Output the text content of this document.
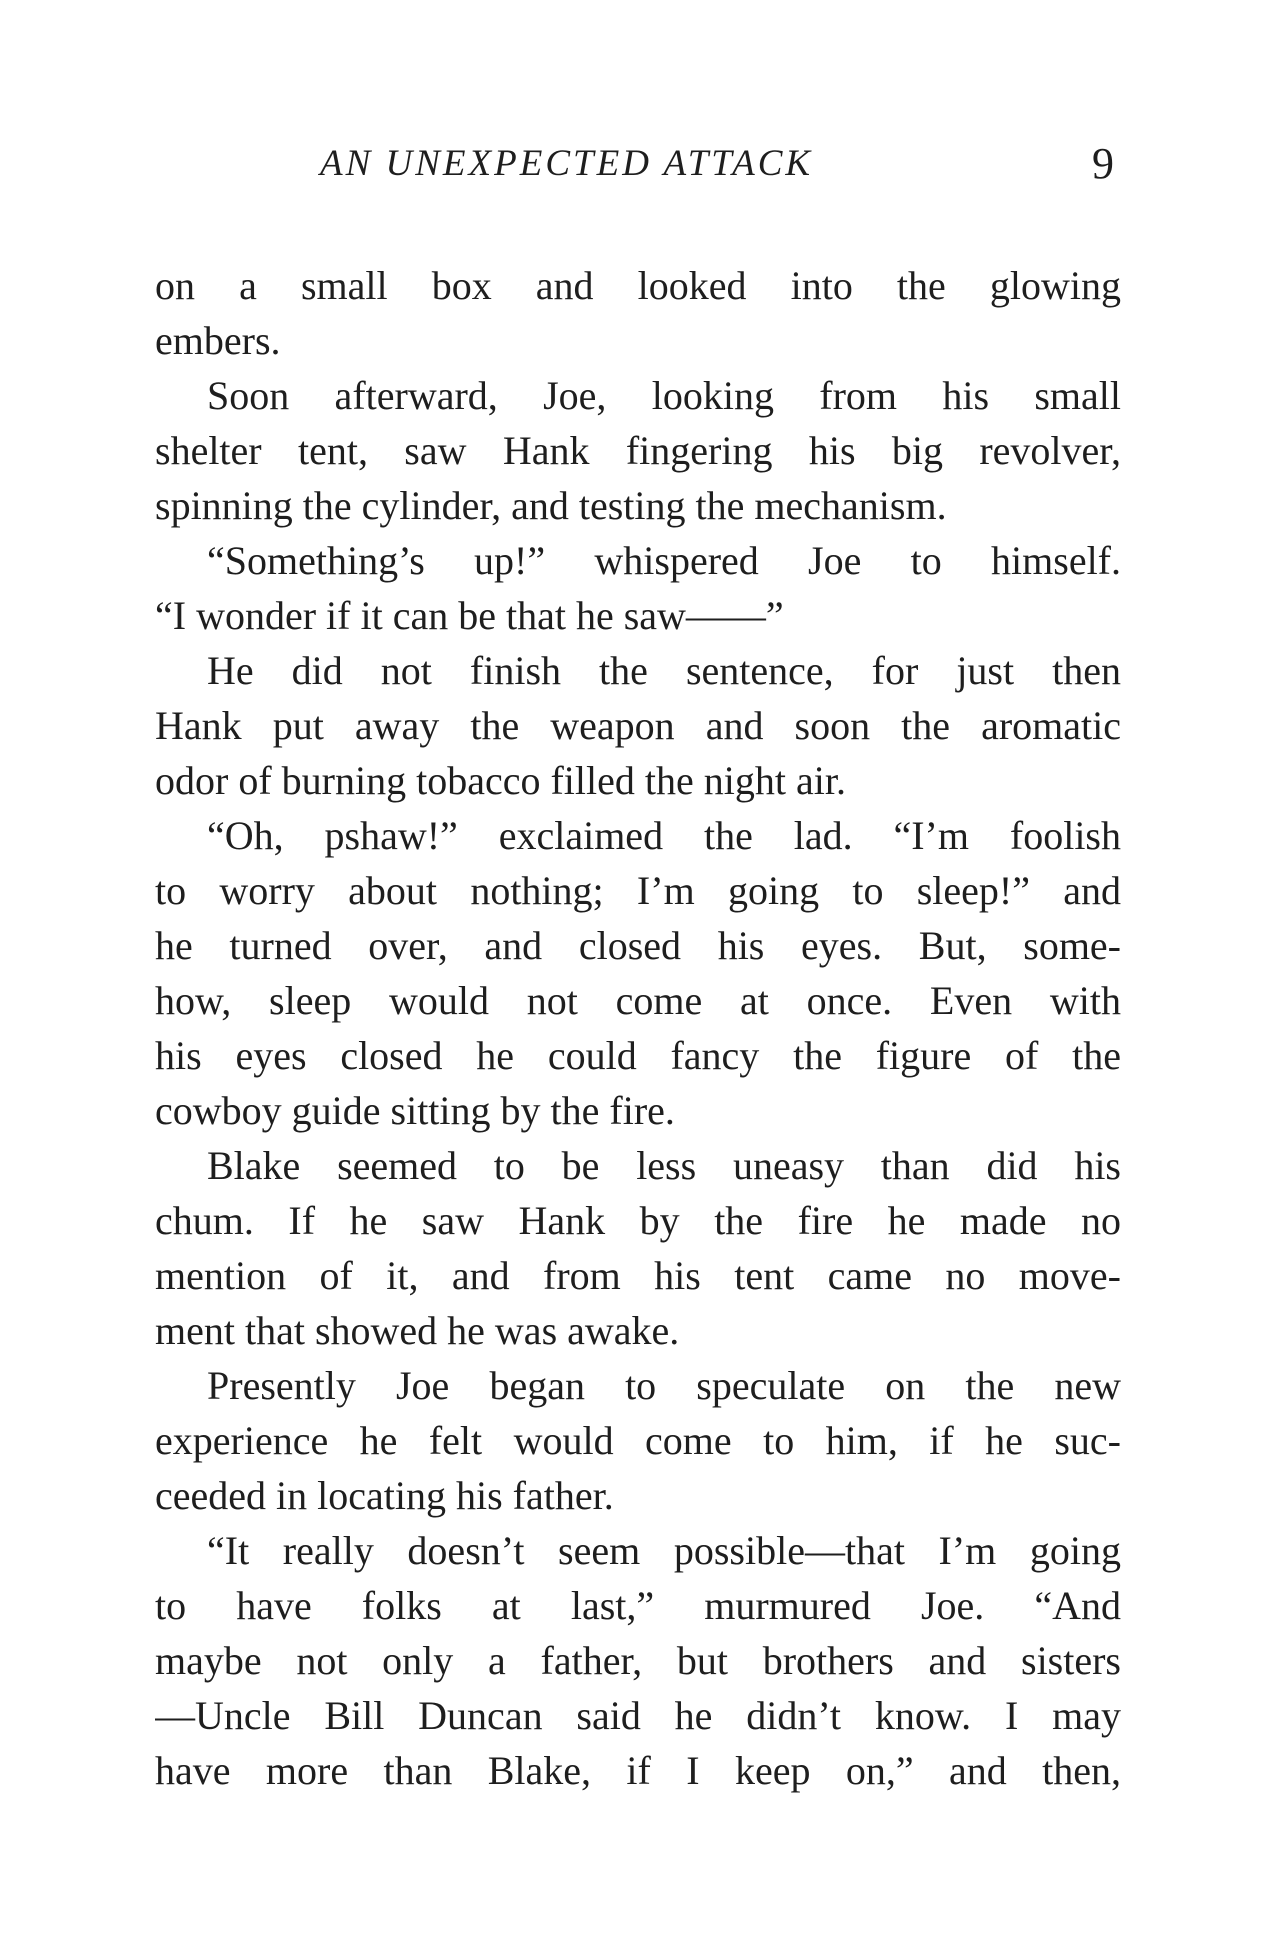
AN UNEXPECTED ATTACK	9
on a small box and looked into the glowing
embers.
Soon afterward, Joe, looking from his small
shelter tent, saw Hank fingering his big revolver,
spinning the cylinder, and testing the mechanism.
“Something’s up!” whispered Joe to himself.
“I wonder if it can be that he saw——”
He did not finish the sentence, for just then
Hank put away the weapon and soon the aromatic
odor of burning tobacco filled the night air.
“Oh, pshaw!” exclaimed the lad. “I’m foolish
to worry about nothing; I’m going to sleep!” and
he turned over, and closed his eyes. But, some-
how, sleep would not come at once. Even with
his eyes closed he could fancy the figure of the
cowboy guide sitting by the fire.
Blake seemed to be less uneasy than did his
chum. If he saw Hank by the fire he made no
mention of it, and from his tent came no move-
ment that showed he was awake.
Presently Joe began to speculate on the new
experience he felt would come to him, if he suc-
ceeded in locating his father.
“It really doesn’t seem possible—that I’m going
to have folks at last,” murmured Joe. “And
maybe not only a father, but brothers and sisters
—Uncle Bill Duncan said he didn’t know. I may
have more than Blake, if I keep on,” and then,
